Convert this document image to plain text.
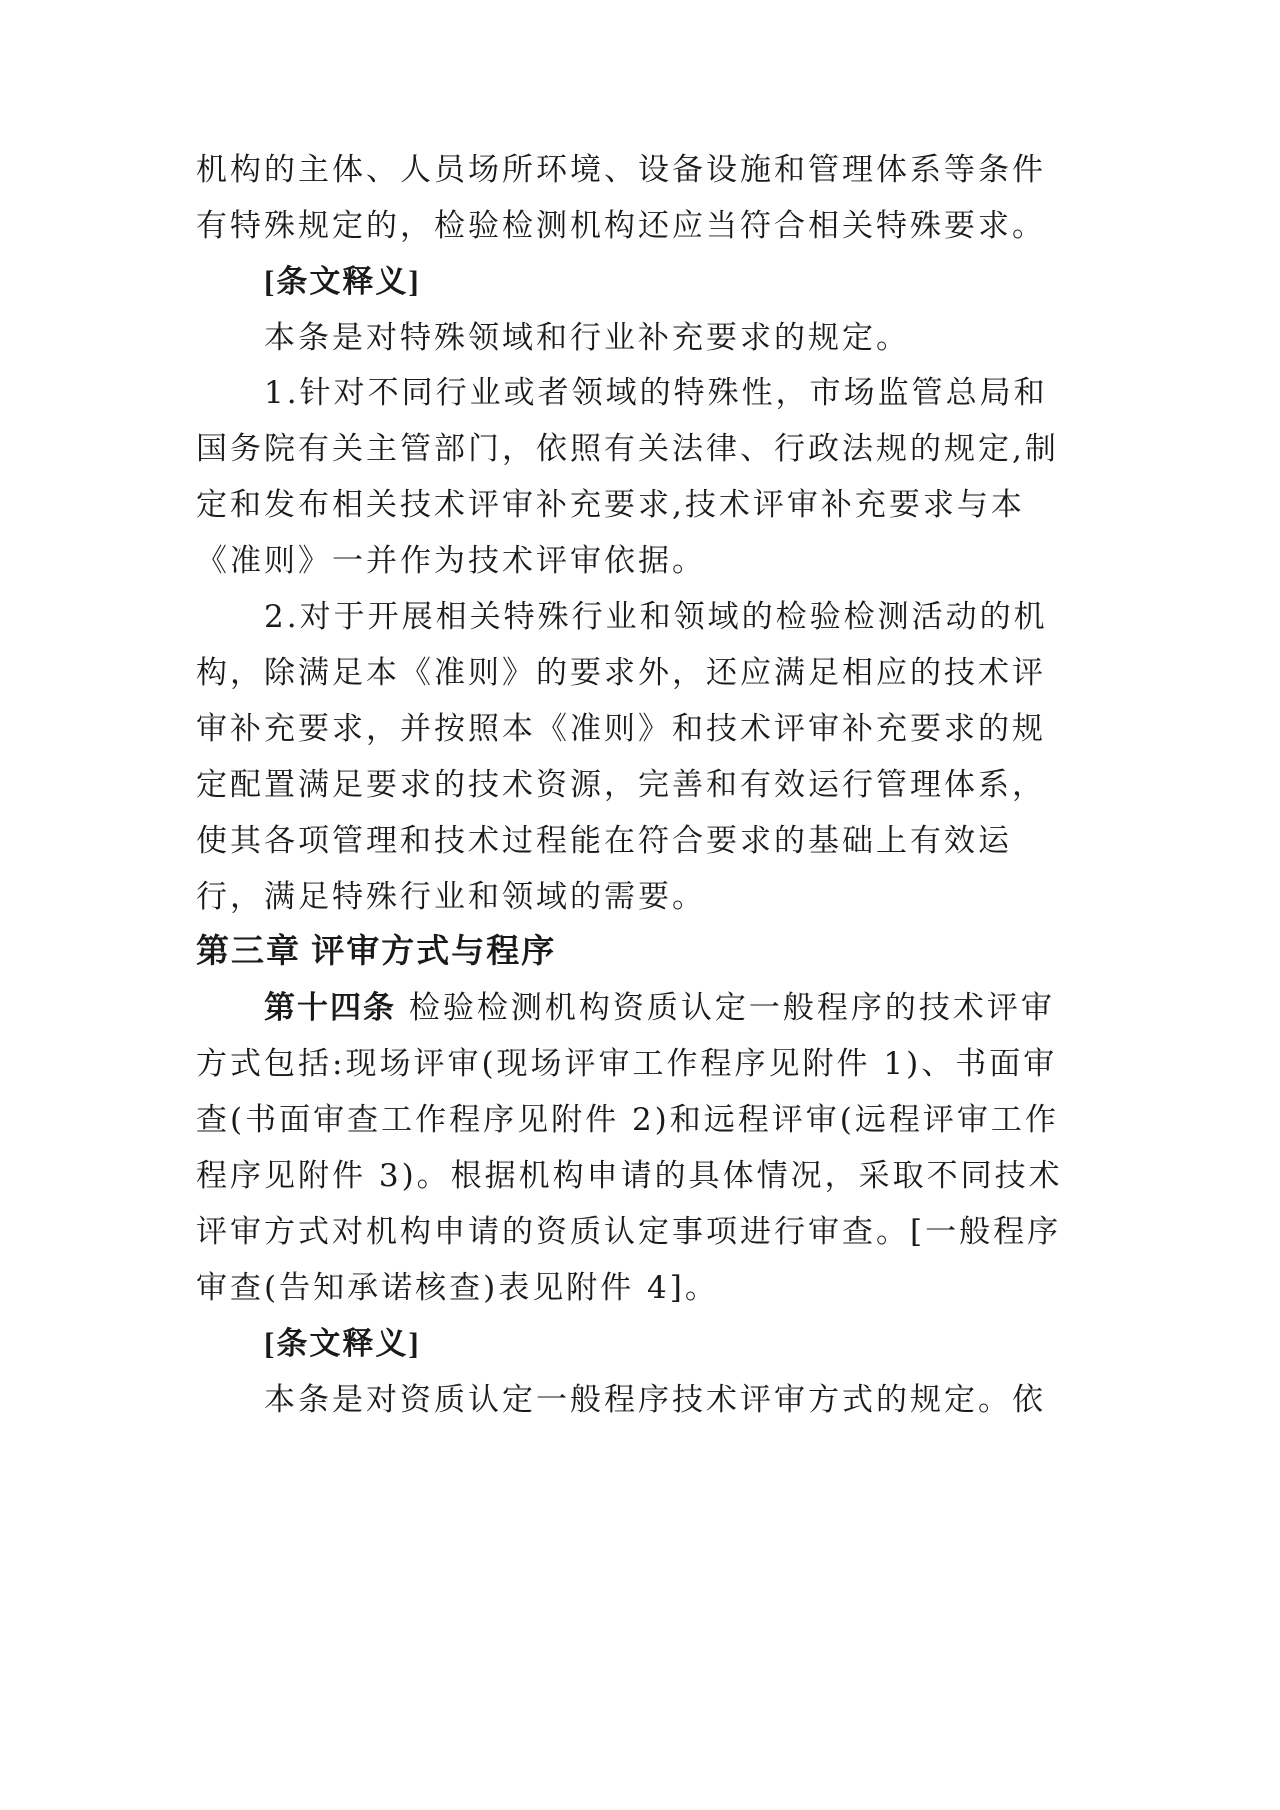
机构的主体、人员场所环境、设备设施和管理体系等条件
有特殊规定的，检验检测机构还应当符合相关特殊要求。
[条文释义]
本条是对特殊领域和行业补充要求的规定。
1.针对不同行业或者领域的特殊性，市场监管总局和
国务院有关主管部门，依照有关法律、行政法规的规定,制
定和发布相关技术评审补充要求,技术评审补充要求与本
《准则》一并作为技术评审依据。
2.对于开展相关特殊行业和领域的检验检测活动的机
构，除满足本《准则》的要求外，还应满足相应的技术评
审补充要求，并按照本《准则》和技术评审补充要求的规
定配置满足要求的技术资源，完善和有效运行管理体系，
使其各项管理和技术过程能在符合要求的基础上有效运
行，满足特殊行业和领域的需要。
第三章 评审方式与程序
第十四条 检验检测机构资质认定一般程序的技术评审
方式包括:现场评审(现场评审工作程序见附件 1)、书面审
查(书面审查工作程序见附件 2)和远程评审(远程评审工作
程序见附件 3)。根据机构申请的具体情况，采取不同技术
评审方式对机构申请的资质认定事项进行审查。[一般程序
审查(告知承诺核查)表见附件 4]。
[条文释义]
本条是对资质认定一般程序技术评审方式的规定。依
